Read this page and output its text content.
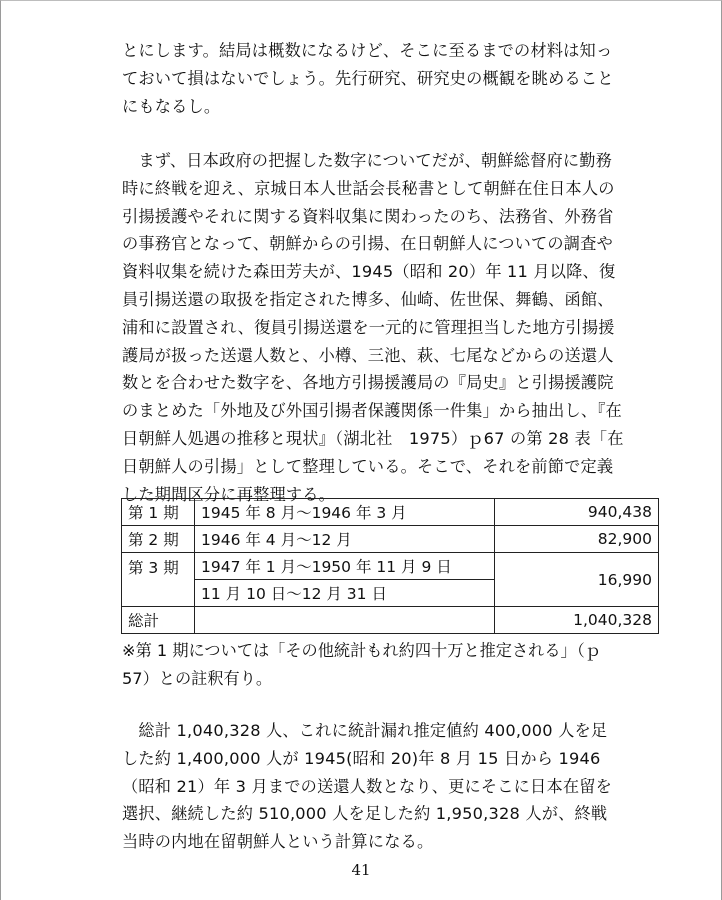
とにします。結局は概数になるけど、そこに至るまでの材料は知っ
ておいて損はないでしょう。先行研究、研究史の概観を眺めること
にもなるし。
　まず、日本政府の把握した数字についてだが、朝鮮総督府に勤務
時に終戦を迎え、京城日本人世話会長秘書として朝鮮在住日本人の
引揚援護やそれに関する資料収集に関わったのち、法務省、外務省
の事務官となって、朝鮮からの引揚、在日朝鮮人についての調査や
資料収集を続けた森田芳夫が、1945（昭和 20）年 11 月以降、復
員引揚送還の取扱を指定された博多、仙崎、佐世保、舞鶴、函館、
浦和に設置され、復員引揚送還を一元的に管理担当した地方引揚援
護局が扱った送還人数と、小樽、三池、萩、七尾などからの送還人
数とを合わせた数字を、各地方引揚援護局の『局史』と引揚援護院
のまとめた「外地及び外国引揚者保護関係一件集」から抽出し、『在
日朝鮮人処遇の推移と現状』（湖北社　1975）ｐ67 の第 28 表「在
日朝鮮人の引揚」として整理している。そこで、それを前節で定義
した期間区分に再整理する。
第 1 期	1945 年 8 月～1946 年 3 月	940,438
第 2 期	1946 年 4 月～12 月	82,900
第 3 期	1947 年 1 月～1950 年 11 月 9 日	16,990
	11 月 10 日～12 月 31 日	
総計		1,040,328
※第 1 期については「その他統計もれ約四十万と推定される」（ｐ
57）との註釈有り。
　総計 1,040,328 人、これに統計漏れ推定値約 400,000 人を足
した約 1,400,000 人が 1945(昭和 20)年 8 月 15 日から 1946
（昭和 21）年 3 月までの送還人数となり、更にそこに日本在留を
選択、継続した約 510,000 人を足した約 1,950,328 人が、終戦
当時の内地在留朝鮮人という計算になる。
41
